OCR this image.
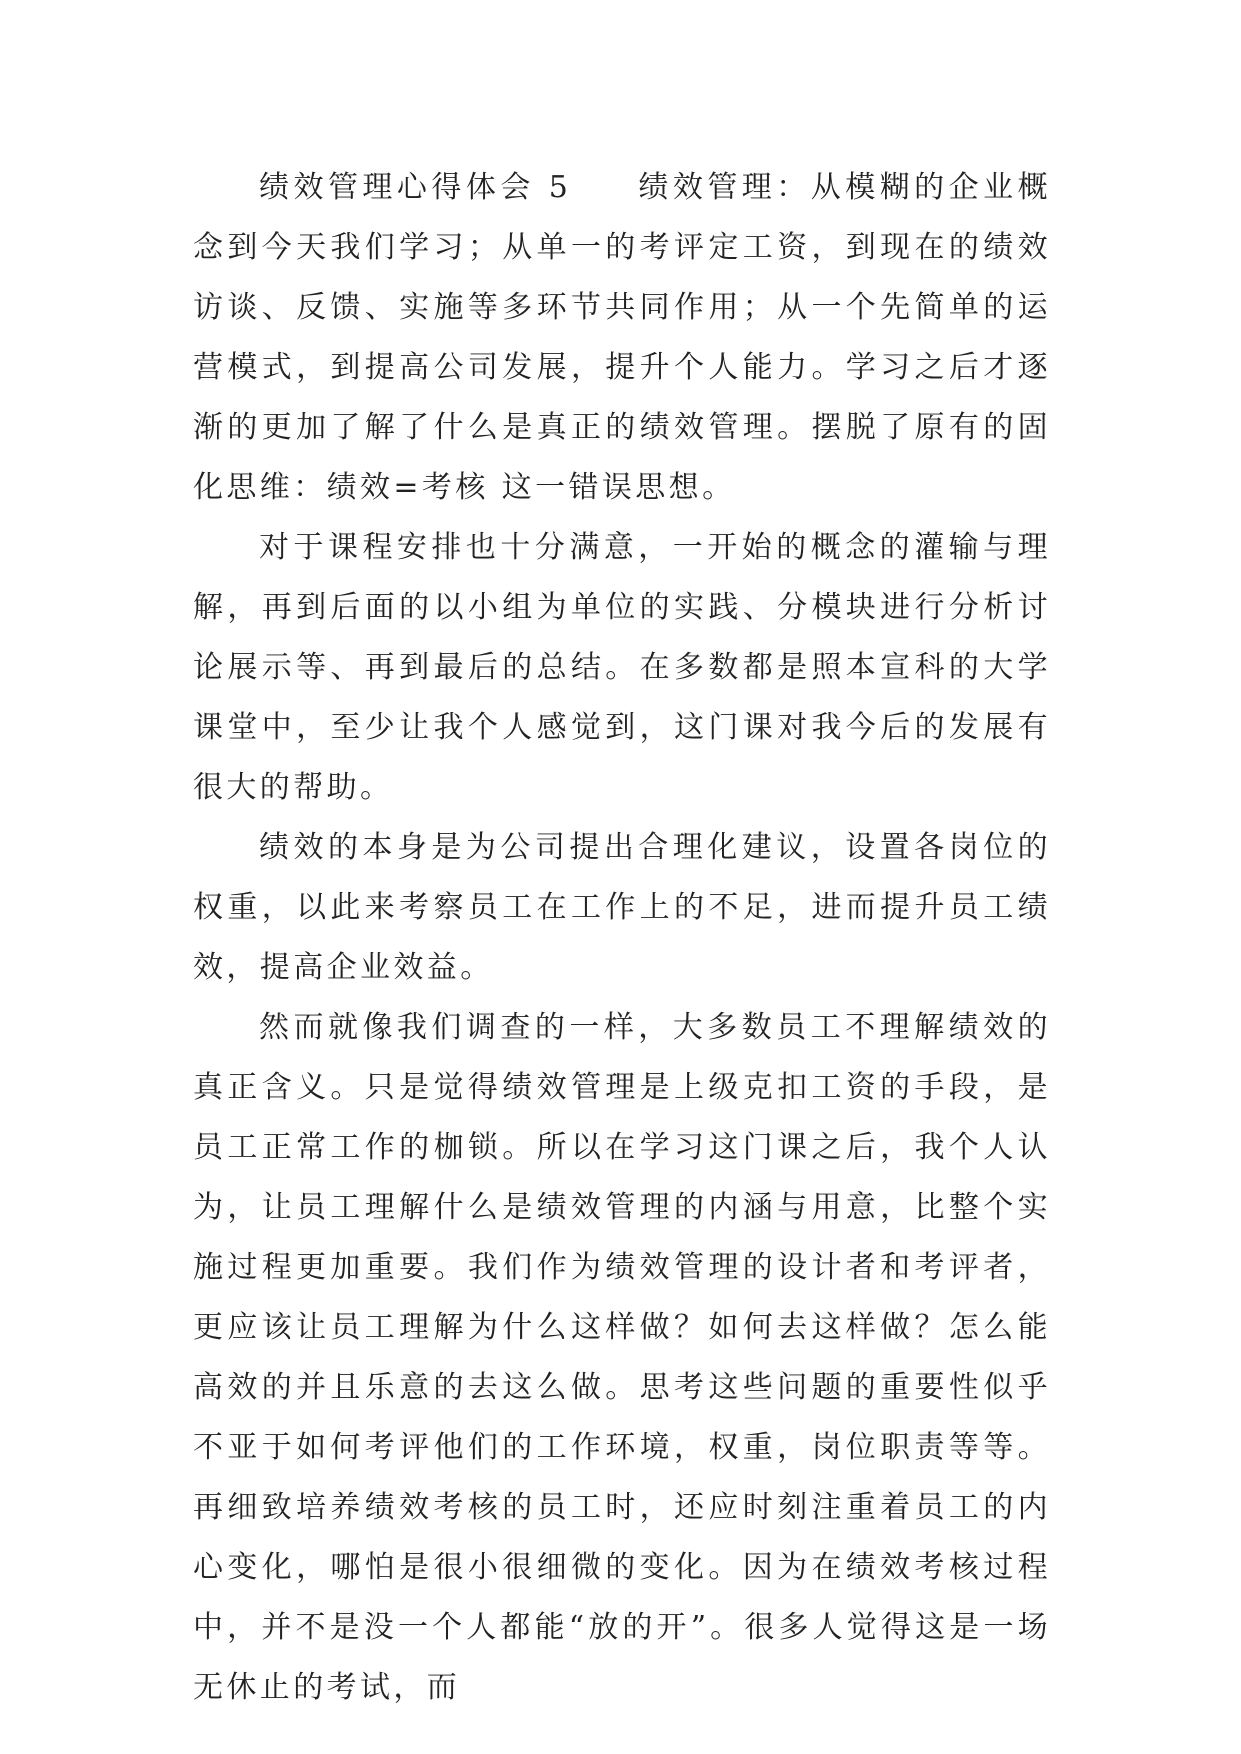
绩效管理心得体会 5 绩效管理：从模糊的企业概念到今天我们学习；从单一的考评定工资，到现在的绩效访谈、反馈、实施等多环节共同作用；从一个先简单的运营模式，到提高公司发展，提升个人能力。学习之后才逐渐的更加了解了什么是真正的绩效管理。摆脱了原有的固化思维：绩效=考核 这一错误思想。

对于课程安排也十分满意，一开始的概念的灌输与理解，再到后面的以小组为单位的实践、分模块进行分析讨论展示等、再到最后的总结。在多数都是照本宣科的大学课堂中，至少让我个人感觉到，这门课对我今后的发展有很大的帮助。

绩效的本身是为公司提出合理化建议，设置各岗位的权重，以此来考察员工在工作上的不足，进而提升员工绩效，提高企业效益。

然而就像我们调查的一样，大多数员工不理解绩效的真正含义。只是觉得绩效管理是上级克扣工资的手段，是员工正常工作的枷锁。所以在学习这门课之后，我个人认为，让员工理解什么是绩效管理的内涵与用意，比整个实施过程更加重要。我们作为绩效管理的设计者和考评者，更应该让员工理解为什么这样做？如何去这样做？怎么能高效的并且乐意的去这么做。思考这些问题的重要性似乎不亚于如何考评他们的工作环境，权重，岗位职责等等。 再细致培养绩效考核的员工时，还应时刻注重着员工的内心变化，哪怕是很小很细微的变化。因为在绩效考核过程中，并不是没一个人都能“放的开”。很多人觉得这是一场无休止的考试，而
